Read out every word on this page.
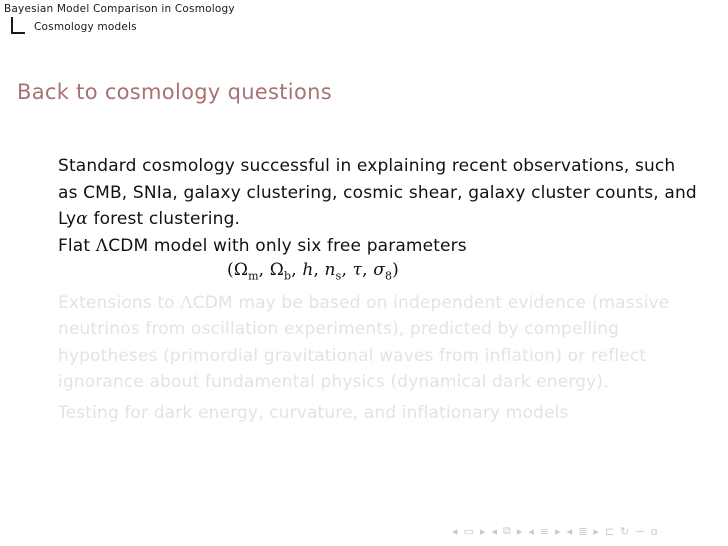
Bayesian Model Comparison in Cosmology
Cosmology models
Back to cosmology questions

Standard cosmology successful in explaining recent observations, such as CMB, SNIa, galaxy clustering, cosmic shear, galaxy cluster counts, and Lyα forest clustering.

Flat ΛCDM model with only six free parameters
($\Omega_m$, $\Omega_b$, h, $n_s$, τ, $\sigma_8$)

Extensions to ΛCDM may be based on independent evidence (massive neutrinos from oscillation experiments), predicted by compelling hypotheses (primordial gravitational waves from inflation) or reflect ignorance about fundamental physics (dynamical dark energy).

Testing for dark energy, curvature, and inflationary models

◂ ▭ ▸ ◂ ⧉ ▸ ◂ ≡ ▸ ◂ ≣ ▸ ⊏ ↻ ∽ ɑ
